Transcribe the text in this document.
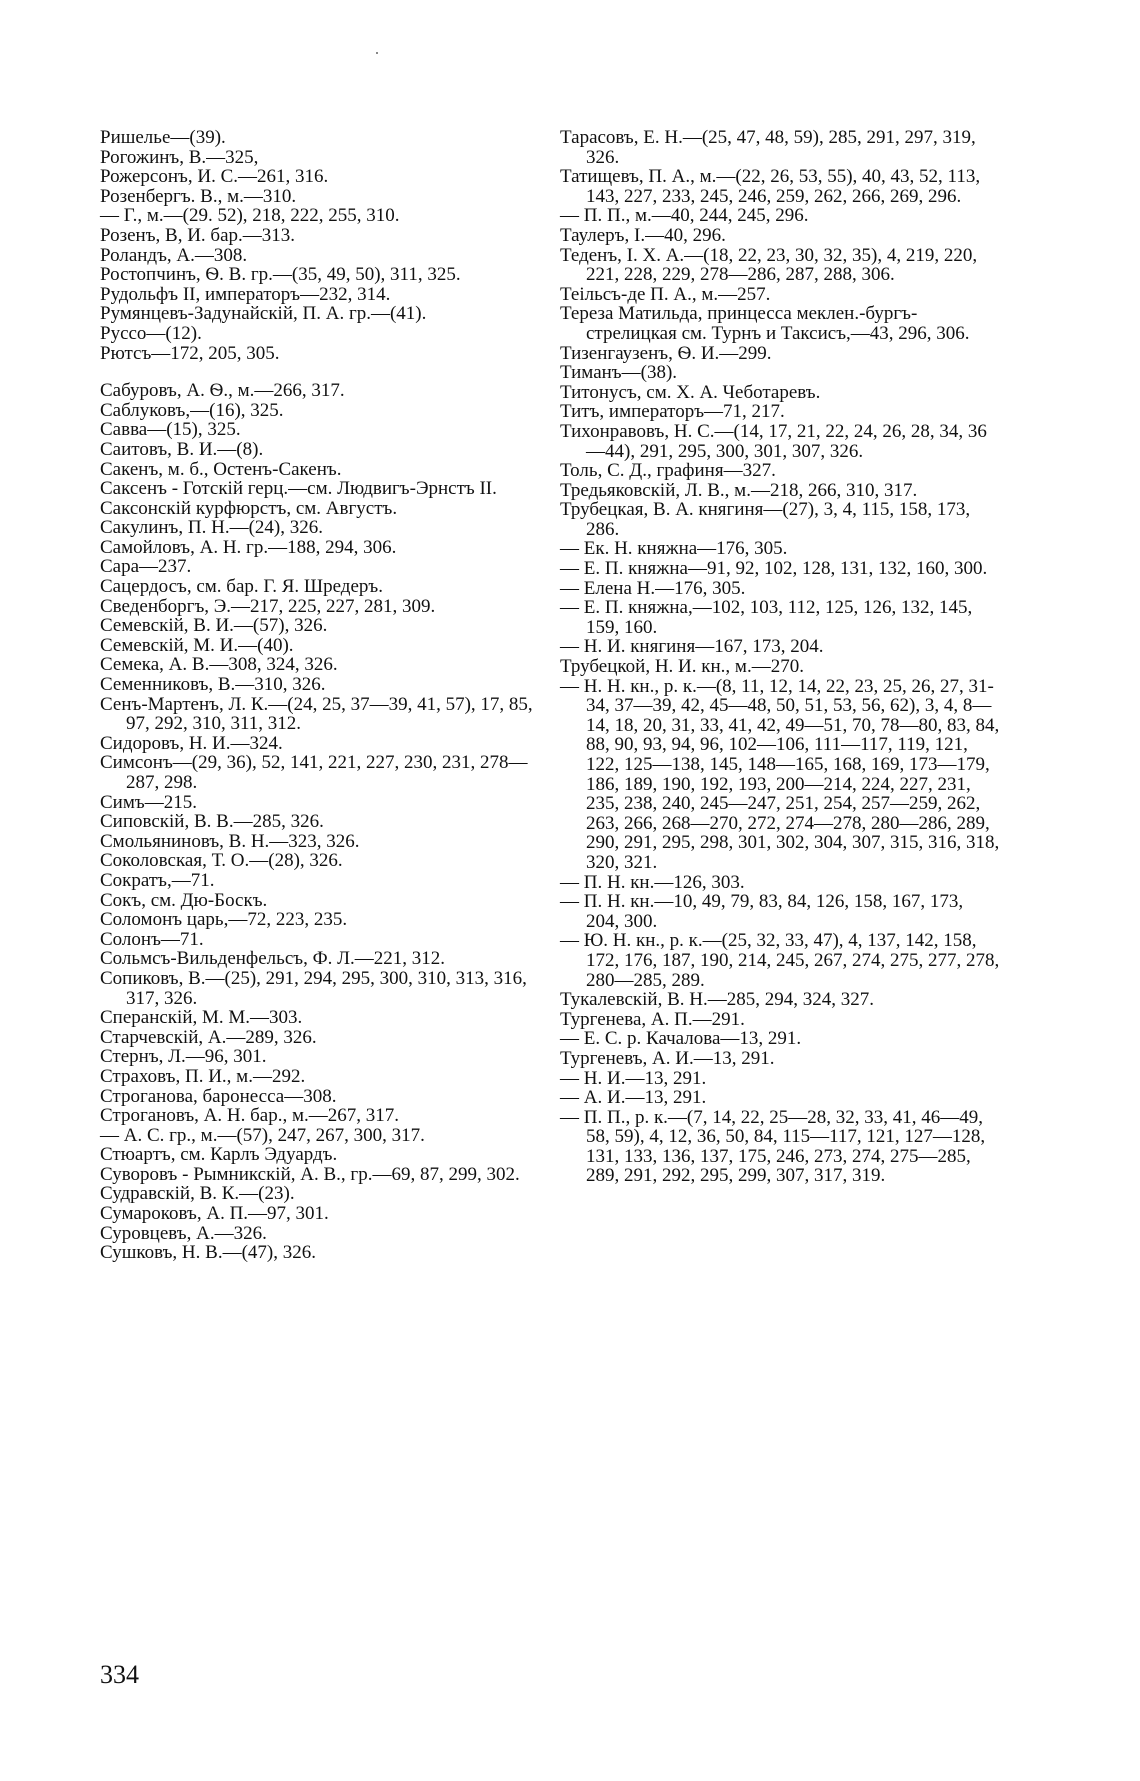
Ришелье—(39).

Рогожинъ, В.—325,

Рожерсонъ, И. С.—261, 316.

Розенбергъ. В., м.—310.

— Г., м.—(29. 52), 218, 222, 255, 310.

Розенъ, В, И. бар.—313.

Роландъ, А.—308.

Ростопчинъ, Ѳ. В. гр.—(35, 49, 50), 311, 325.

Рудольфъ II, императоръ—232, 314.

Румянцевъ-Задунайскій, П. А. гр.—(41).

Руссо—(12).

Рютсъ—172, 205, 305.

Сабуровъ, А. Ѳ., м.—266, 317.

Саблуковъ,—(16), 325.

Савва—(15), 325.

Саитовъ, В. И.—(8).

Сакенъ, м. б., Остенъ-Сакенъ.

Саксенъ - Готскій герц.—см. Людвигъ-Эрнстъ II.

Саксонскій курфюрстъ, см. Августъ.

Сакулинъ, П. Н.—(24), 326.

Самойловъ, А. Н. гр.—188, 294, 306.

Сара—237.

Сацердосъ, см. бар. Г. Я. Шредеръ.

Сведенборгъ, Э.—217, 225, 227, 281, 309.

Семевскій, В. И.—(57), 326.

Семевскій, М. И.—(40).

Семека, А. В.—308, 324, 326.

Семенниковъ, В.—310, 326.

Сенъ-Мартенъ, Л. К.—(24, 25, 37—39, 41, 57), 17, 85, 97, 292, 310, 311, 312.

Сидоровъ, Н. И.—324.

Симсонъ—(29, 36), 52, 141, 221, 227, 230, 231, 278—287, 298.

Симъ—215.

Сиповскій, В. В.—285, 326.

Смольяниновъ, В. Н.—323, 326.

Соколовская, Т. О.—(28), 326.

Сократъ,—71.

Сокъ, см. Дю-Боскъ.

Соломонъ царь,—72, 223, 235.

Солонъ—71.

Сольмсъ-Вильденфельсъ, Ф. Л.—221, 312.

Сопиковъ, В.—(25), 291, 294, 295, 300, 310, 313, 316, 317, 326.

Сперанскій, М. М.—303.

Старчевскій, А.—289, 326.

Стернъ, Л.—96, 301.

Страховъ, П. И., м.—292.

Строганова, баронесса—308.

Строгановъ, А. Н. бар., м.—267, 317.

— А. С. гр., м.—(57), 247, 267, 300, 317.

Стюартъ, см. Карлъ Эдуардъ.

Суворовъ - Рымникскій, А. В., гр.—69, 87, 299, 302.

Судравскій, В. К.—(23).

Сумароковъ, А. П.—97, 301.

Суровцевъ, А.—326.

Сушковъ, Н. В.—(47), 326.

Тарасовъ, Е. Н.—(25, 47, 48, 59), 285, 291, 297, 319, 326.

Татищевъ, П. А., м.—(22, 26, 53, 55), 40, 43, 52, 113, 143, 227, 233, 245, 246, 259, 262, 266, 269, 296.

— П. П., м.—40, 244, 245, 296.

Таулеръ, I.—40, 296.

Теденъ, I. X. А.—(18, 22, 23, 30, 32, 35), 4, 219, 220, 221, 228, 229, 278—286, 287, 288, 306.

Теільсъ-де П. А., м.—257.

Тереза Матильда, принцесса меклен.-бургъ-стрелицкая см. Турнъ и Таксисъ,—43, 296, 306.

Тизенгаузенъ, Ѳ. И.—299.

Тиманъ—(38).

Титонусъ, см. X. А. Чеботаревъ.

Титъ, императоръ—71, 217.

Тихонравовъ, Н. С.—(14, 17, 21, 22, 24, 26, 28, 34, 36—44), 291, 295, 300, 301, 307, 326.

Толь, С. Д., графиня—327.

Тредьяковскій, Л. В., м.—218, 266, 310, 317.

Трубецкая, В. А. княгиня—(27), 3, 4, 115, 158, 173, 286.

— Ек. Н. княжна—176, 305.

— Е. П. княжна—91, 92, 102, 128, 131, 132, 160, 300.

— Елена Н.—176, 305.

— Е. П. княжна,—102, 103, 112, 125, 126, 132, 145, 159, 160.

— Н. И. княгиня—167, 173, 204.

Трубецкой, Н. И. кн., м.—270.

— Н. Н. кн., р. к.—(8, 11, 12, 14, 22, 23, 25, 26, 27, 31- 34, 37—39, 42, 45—48, 50, 51, 53, 56, 62), 3, 4, 8—14, 18, 20, 31, 33, 41, 42, 49—51, 70, 78—80, 83, 84, 88, 90, 93, 94, 96, 102—106, 111—117, 119, 121, 122, 125—138, 145, 148—165, 168, 169, 173—179, 186, 189, 190, 192, 193, 200—214, 224, 227, 231, 235, 238, 240, 245—247, 251, 254, 257—259, 262, 263, 266, 268—270, 272, 274—278, 280—286, 289, 290, 291, 295, 298, 301, 302, 304, 307, 315, 316, 318, 320, 321.

— П. Н. кн.—126, 303.

— П. Н. кн.—10, 49, 79, 83, 84, 126, 158, 167, 173, 204, 300.

— Ю. Н. кн., р. к.—(25, 32, 33, 47), 4, 137, 142, 158, 172, 176, 187, 190, 214, 245, 267, 274, 275, 277, 278, 280—285, 289.

Тукалевскій, В. Н.—285, 294, 324, 327.

Тургенева, А. П.—291.

— Е. С. р. Качалова—13, 291.

Тургеневъ, А. И.—13, 291.

— Н. И.—13, 291.

— А. И.—13, 291.

— П. П., р. к.—(7, 14, 22, 25—28, 32, 33, 41, 46—49, 58, 59), 4, 12, 36, 50, 84, 115—117, 121, 127—128, 131, 133, 136, 137, 175, 246, 273, 274, 275—285, 289, 291, 292, 295, 299, 307, 317, 319.

334
